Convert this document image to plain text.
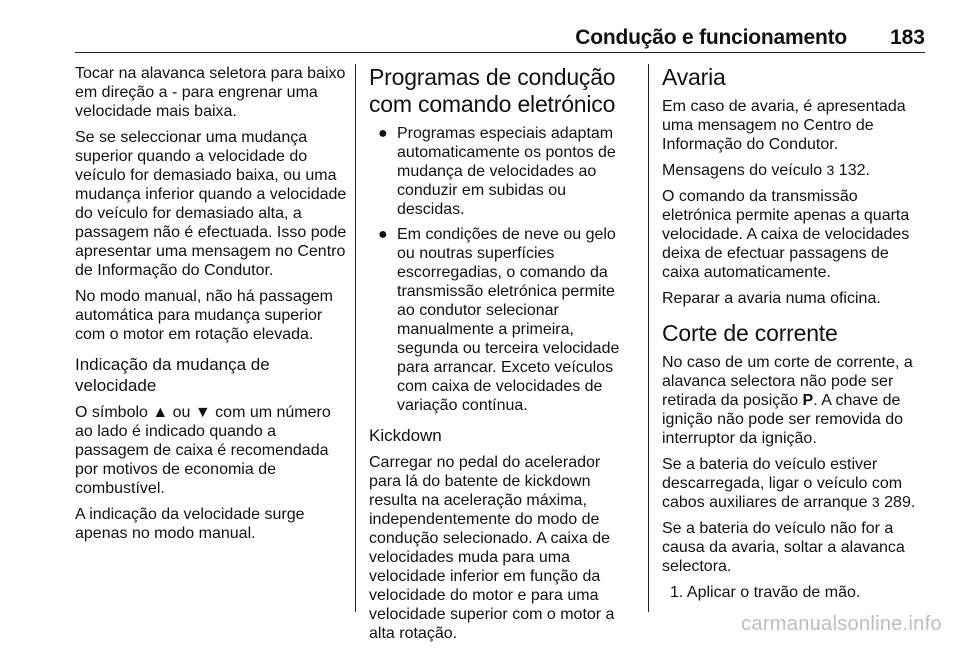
Condução e funcionamento 183

Tocar na alavanca seletora para baixo em direção a - para engrenar uma velocidade mais baixa.

Se se seleccionar uma mudança superior quando a velocidade do veículo for demasiado baixa, ou uma mudança inferior quando a velocidade do veículo for demasiado alta, a passagem não é efectuada. Isso pode apresentar uma mensagem no Centro de Informação do Condutor.

No modo manual, não há passagem automática para mudança superior com o motor em rotação elevada.

Indicação da mudança de velocidade

O símbolo ▲ ou ▼ com um número ao lado é indicado quando a passagem de caixa é recomendada por motivos de economia de combustível.

A indicação da velocidade surge apenas no modo manual.

Programas de condução com comando eletrónico
● Programas especiais adaptam automaticamente os pontos de mudança de velocidades ao conduzir em subidas ou descidas.
● Em condições de neve ou gelo ou noutras superfícies escorregadias, o comando da transmissão eletrónica permite ao condutor selecionar manualmente a primeira, segunda ou terceira velocidade para arrancar. Exceto veículos com caixa de velocidades de variação contínua.
Kickdown

Carregar no pedal do acelerador para lá do batente de kickdown resulta na aceleração máxima, independentemente do modo de condução selecionado. A caixa de velocidades muda para uma velocidade inferior em função da velocidade do motor e para uma velocidade superior com o motor a alta rotação.

Avaria

Em caso de avaria, é apresentada uma mensagem no Centro de Informação do Condutor.

Mensagens do veículo 3 132.

O comando da transmissão eletrónica permite apenas a quarta velocidade. A caixa de velocidades deixa de efectuar passagens de caixa automaticamente.

Reparar a avaria numa oficina.

Corte de corrente

No caso de um corte de corrente, a alavanca selectora não pode ser retirada da posição P. A chave de ignição não pode ser removida do interruptor da ignição.

Se a bateria do veículo estiver descarregada, ligar o veículo com cabos auxiliares de arranque 3 289.

Se a bateria do veículo não for a causa da avaria, soltar a alavanca selectora.

1. Aplicar o travão de mão.
carmanualsonline.info
